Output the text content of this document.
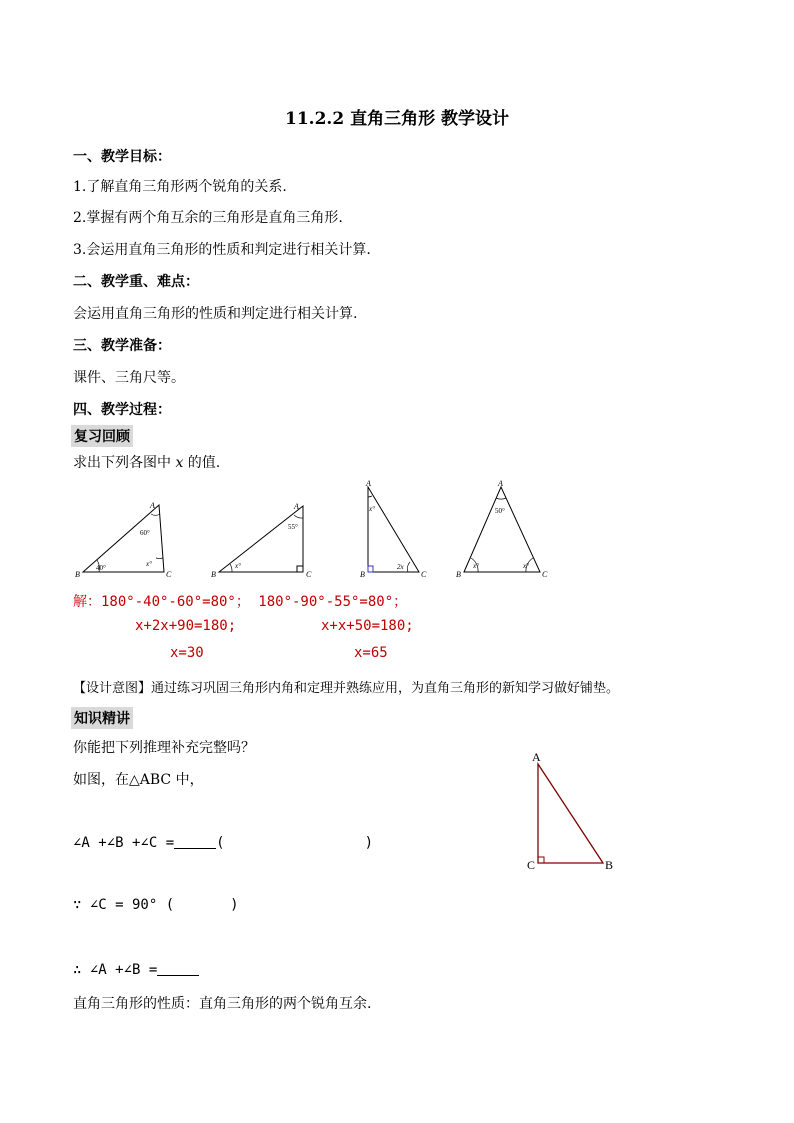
11.2.2 直角三角形 教学设计
一、教学目标：
1.了解直角三角形两个锐角的关系.
2.掌握有两个角互余的三角形是直角三角形.
3.会运用直角三角形的性质和判定进行相关计算.
二、教学重、难点：
会运用直角三角形的性质和判定进行相关计算.
三、教学准备：
课件、三角尺等。
四、教学过程：
复习回顾
求出下列各图中 x 的值.
A
B	C
A
B	C
A
B	C
A
B	C
60°
40°	x°
55°
x°
x°
2x
50°
x°	x°
解：180°-40°-60°=80°； 180°-90°-55°=80°；
x+2x+90=180;	x+x+50=180;
x=30	x=65
【设计意图】通过练习巩固三角形内角和定理并熟练应用，为直角三角形的新知学习做好铺垫。
知识精讲
你能把下列推理补充完整吗？
如图，在△ABC 中，
∠A +∠B +∠C =	(	)
∵ ∠C = 90° (	)
∴ ∠A +∠B =
直角三角形的性质：直角三角形的两个锐角互余.
A
C	B
